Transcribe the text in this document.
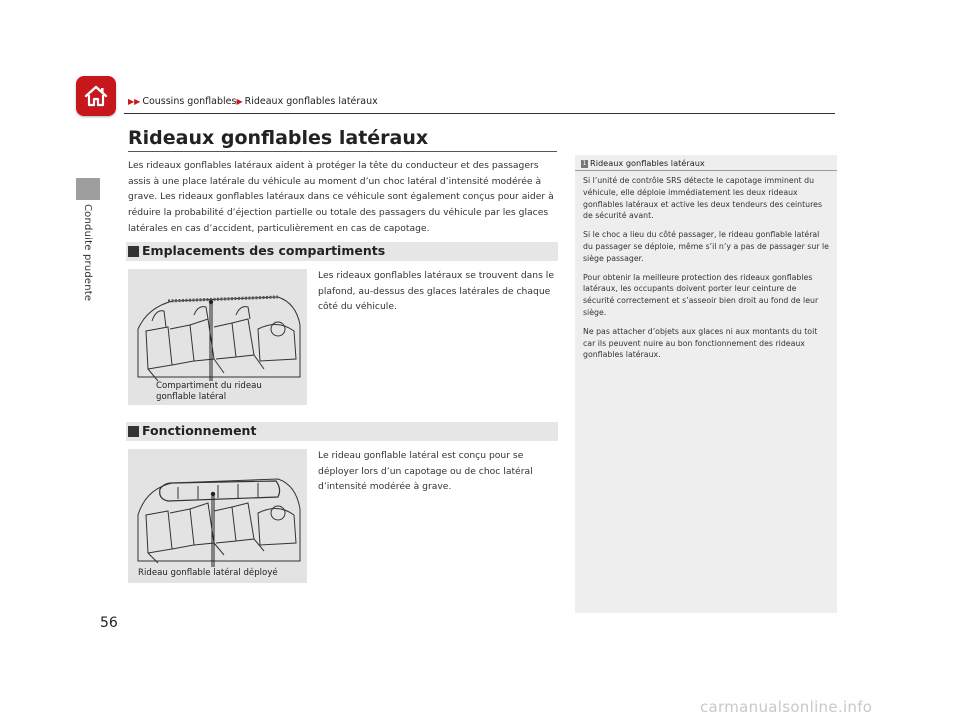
Conduite prudente
▶▶ Coussins gonflables▶ Rideaux gonflables latéraux
Rideaux gonflables latéraux

Les rideaux gonflables latéraux aident à protéger la tête du conducteur et des passagers assis à une place latérale du véhicule au moment d’un choc latéral d’intensité modérée à grave. Les rideaux gonflables latéraux dans ce véhicule sont également conçus pour aider à réduire la probabilité d’éjection partielle ou totale des passagers du véhicule par les glaces latérales en cas d’accident, particulièrement en cas de capotage.

Emplacements des compartiments
Compartiment du rideau
gonflable latéral

Les rideaux gonflables latéraux se trouvent dans le plafond, au-dessus des glaces latérales de chaque côté du véhicule.

Fonctionnement
Rideau gonflable latéral déployé

Le rideau gonflable latéral est conçu pour se déployer lors d’un capotage ou de choc latéral d’intensité modérée à grave.

1 Rideaux gonflables latéraux

Si l’unité de contrôle SRS détecte le capotage imminent du véhicule, elle déploie immédiatement les deux rideaux gonflables latéraux et active les deux tendeurs des ceintures de sécurité avant.

Si le choc a lieu du côté passager, le rideau gonflable latéral du passager se déploie, même s’il n’y a pas de passager sur le siège passager.

Pour obtenir la meilleure protection des rideaux gonflables latéraux, les occupants doivent porter leur ceinture de sécurité correctement et s’asseoir bien droit au fond de leur siège.

Ne pas attacher d’objets aux glaces ni aux montants du toit car ils peuvent nuire au bon fonctionnement des rideaux gonflables latéraux.

56
carmanualsonline.info
